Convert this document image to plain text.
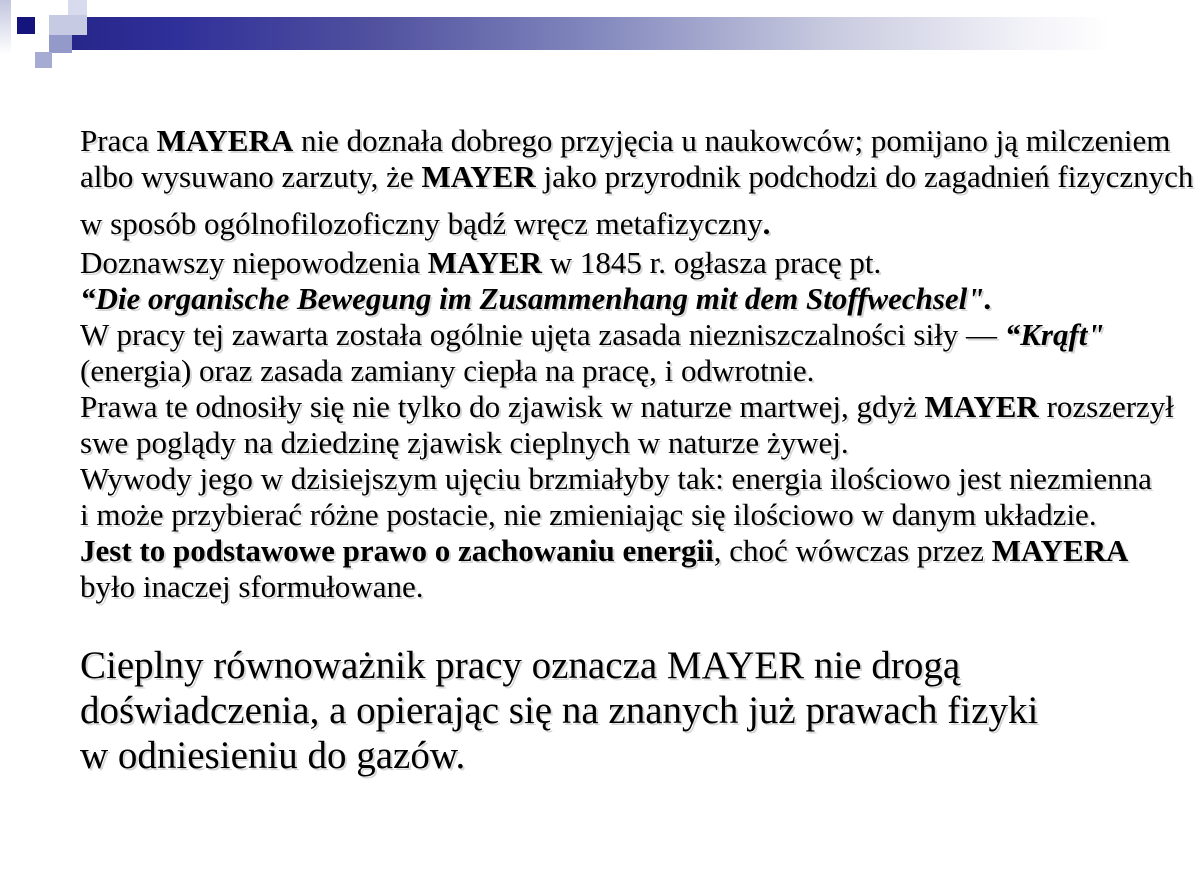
Praca MAYERA nie doznała dobrego przyjęcia u naukowców; pomijano ją milczeniem
albo wysuwano zarzuty, że MAYER jako przyrodnik podchodzi do zagadnień fizycznych
w sposób ogólnofilozoficzny bądź wręcz metafizyczny.
Doznawszy niepowodzenia MAYER w 1845 r. ogłasza pracę pt.
“Die organische Bewegung im Zusammenhang mit dem Stoffwechsel".
W pracy tej zawarta została ogólnie ujęta zasada niezniszczalności siły — “Krąft"
(energia) oraz zasada zamiany ciepła na pracę, i odwrotnie.
Prawa te odnosiły się nie tylko do zjawisk w naturze martwej, gdyż MAYER rozszerzył
swe poglądy na dziedzinę zjawisk cieplnych w naturze żywej.
Wywody jego w dzisiejszym ujęciu brzmiałyby tak: energia ilościowo jest niezmienna
i może przybierać różne postacie, nie zmieniając się ilościowo w danym układzie.
Jest to podstawowe prawo o zachowaniu energii, choć wówczas przez MAYERA
było inaczej sformułowane.
Cieplny równoważnik pracy oznacza MAYER nie drogą
doświadczenia, a opierając się na znanych już prawach fizyki
w odniesieniu do gazów.
